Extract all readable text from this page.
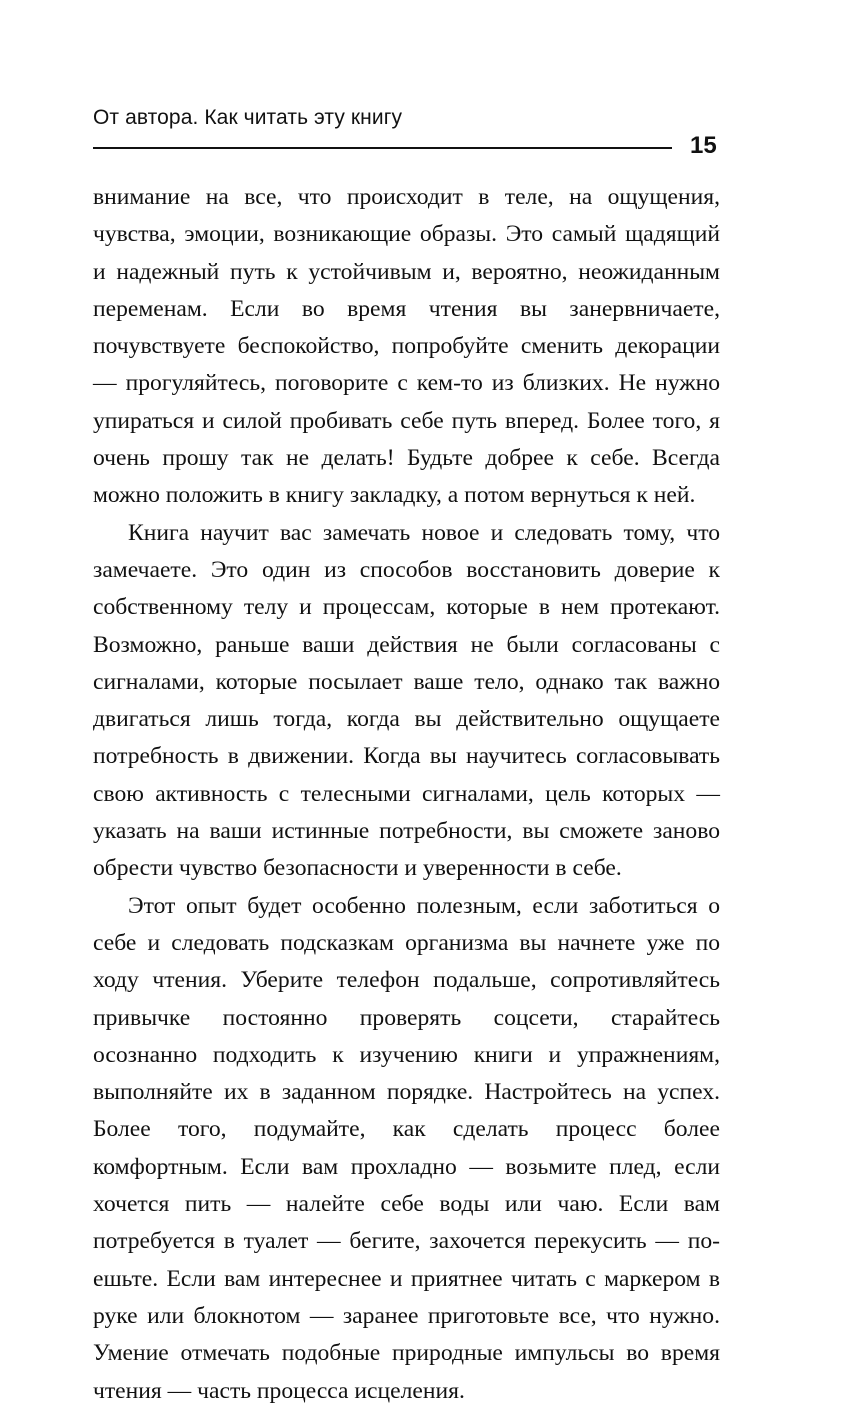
От автора. Как читать эту книгу
15

внимание на все, что происходит в теле, на ощущения, чувства, эмоции, возникающие образы. Это самый щадящий и надежный путь к устойчивым и, вероятно, неожиданным переменам. Если во время чтения вы занервничаете, почувствуете беспокойство, попробуйте сменить декорации — прогуляйтесь, поговорите с кем-то из близких. Не нужно упираться и силой пробивать себе путь вперед. Более того, я очень прошу так не делать! Будьте добрее к себе. Всегда можно положить в книгу закладку, а потом вернуться к ней.

Книга научит вас замечать новое и следовать тому, что замечаете. Это один из способов восстановить доверие к собственному телу и процессам, которые в нем протекают. Возможно, раньше ваши действия не были согласованы с сигналами, которые посылает ваше тело, однако так важно двигаться лишь тогда, когда вы действительно ощущаете потребность в движении. Когда вы научитесь согласовывать свою активность с телесными сигналами, цель которых — указать на ваши истинные потребности, вы сможете заново обрести чувство безопасности и уверенности в себе.

Этот опыт будет особенно полезным, если заботиться о себе и следовать подсказкам организма вы начнете уже по ходу чтения. Уберите телефон подальше, сопротивляйтесь привычке постоянно проверять соцсети, старайтесь осознанно подходить к изучению книги и упражнениям, выполняйте их в заданном порядке. Настройтесь на успех. Более того, подумайте, как сделать процесс более комфортным. Если вам прохладно — возьмите плед, если хочется пить — налейте себе воды или чаю. Если вам потребуется в туалет — бегите, захочется перекусить — поешьте. Если вам интереснее и приятнее читать с маркером в руке или блокнотом — заранее приготовьте все, что нужно. Умение отмечать подобные природные импульсы во время чтения — часть процесса исцеления.
